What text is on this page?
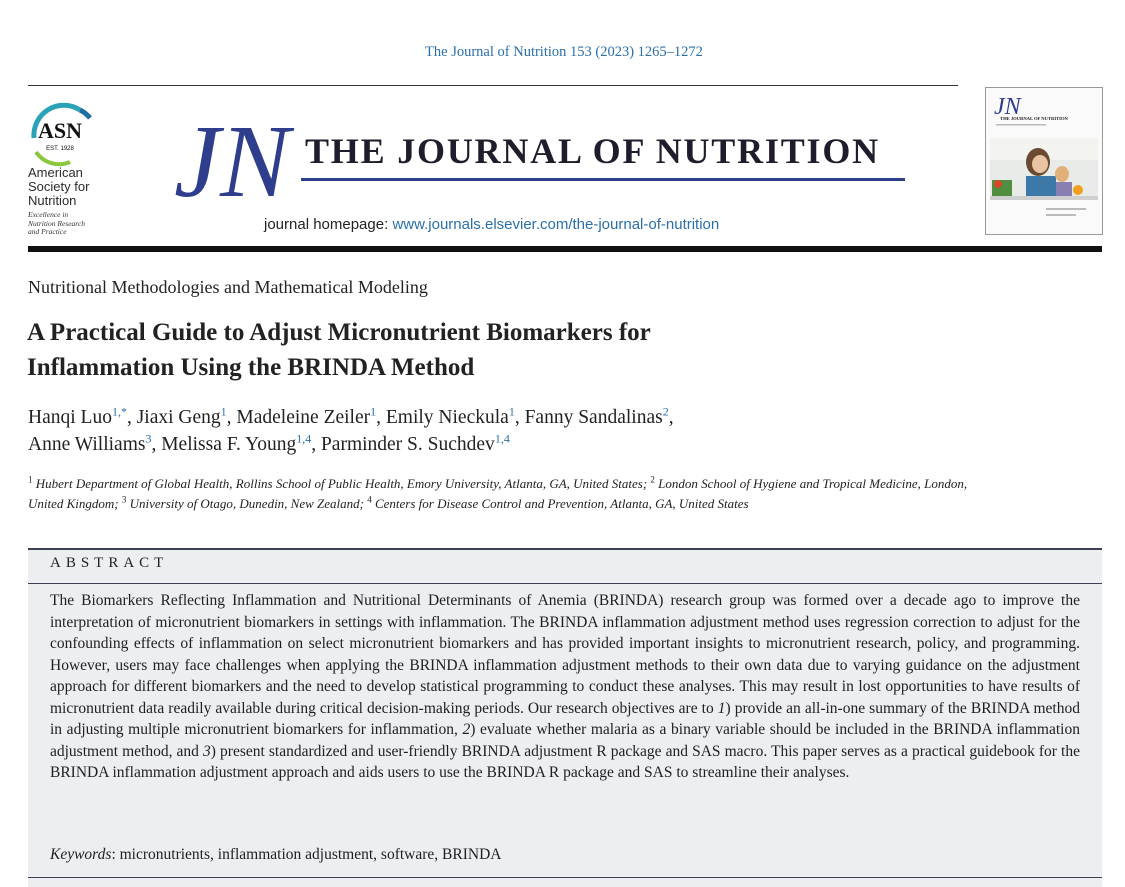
The Journal of Nutrition 153 (2023) 1265–1272
ASN
EST. 1928
American
Society for
Nutrition
Excellence in
Nutrition Research
and Practice
JN THE JOURNAL OF NUTRITION
journal homepage: www.journals.elsevier.com/the-journal-of-nutrition
JN
THE JOURNAL OF NUTRITION
Nutritional Methodologies and Mathematical Modeling
A Practical Guide to Adjust Micronutrient Biomarkers for
Inflammation Using the BRINDA Method
Hanqi Luo$^{1,*}$, Jiaxi Geng$^1$, Madeleine Zeiler$^1$, Emily Nieckula$^1$, Fanny Sandalinas$^2$,
Anne Williams$^3$, Melissa F. Young$^{1,4}$, Parminder S. Suchdev$^{1,4}$
$^1$ Hubert Department of Global Health, Rollins School of Public Health, Emory University, Atlanta, GA, United States; $^2$ London School of Hygiene and Tropical Medicine, London, United Kingdom; $^3$ University of Otago, Dunedin, New Zealand; $^4$ Centers for Disease Control and Prevention, Atlanta, GA, United States
ABSTRACT
The Biomarkers Reflecting Inflammation and Nutritional Determinants of Anemia (BRINDA) research group was formed over a decade ago to improve the interpretation of micronutrient biomarkers in settings with inflammation. The BRINDA inflammation adjustment method uses regression correction to adjust for the confounding effects of inflammation on select micronutrient biomarkers and has provided important insights to micronutrient research, policy, and programming. However, users may face challenges when applying the BRINDA inflammation adjustment methods to their own data due to varying guidance on the adjustment approach for different biomarkers and the need to develop statistical programming to conduct these analyses. This may result in lost opportunities to have results of micronutrient data readily available during critical decision-making periods. Our research objectives are to 1) provide an all-in-one summary of the BRINDA method in adjusting multiple micronutrient biomarkers for inflammation, 2) evaluate whether malaria as a binary variable should be included in the BRINDA inflammation adjustment method, and 3) present standardized and user-friendly BRINDA adjustment R package and SAS macro. This paper serves as a practical guidebook for the BRINDA inflammation adjustment approach and aids users to use the BRINDA R package and SAS to streamline their analyses.
Keywords: micronutrients, inflammation adjustment, software, BRINDA
